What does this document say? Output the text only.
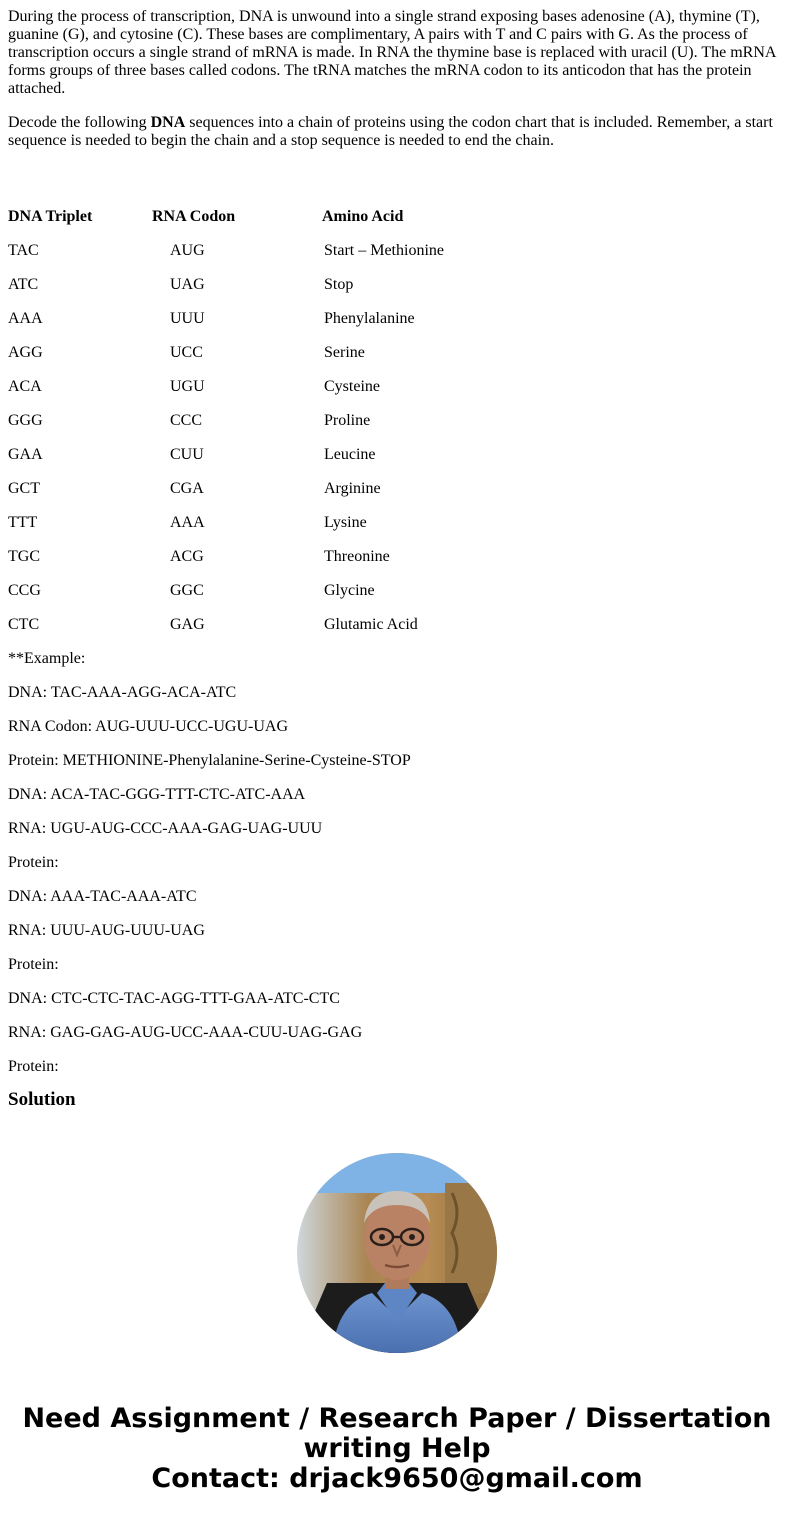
During the process of transcription, DNA is unwound into a single strand exposing bases adenosine (A), thymine (T), guanine (G), and cytosine (C). These bases are complimentary, A pairs with T and C pairs with G. As the process of transcription occurs a single strand of mRNA is made. In RNA the thymine base is replaced with uracil (U). The mRNA forms groups of three bases called codons. The tRNA matches the mRNA codon to its anticodon that has the protein attached.

Decode the following DNA sequences into a chain of proteins using the codon chart that is included. Remember, a start sequence is needed to begin the chain and a stop sequence is needed to end the chain.

DNA Triplet	RNA Codon	Amino Acid
TAC	AUG	Start – Methionine
ATC	UAG	Stop
AAA	UUU	Phenylalanine
AGG	UCC	Serine
ACA	UGU	Cysteine
GGG	CCC	Proline
GAA	CUU	Leucine
GCT	CGA	Arginine
TTT	AAA	Lysine
TGC	ACG	Threonine
CCG	GGC	Glycine
CTC	GAG	Glutamic Acid
**Example:
DNA: TAC-AAA-AGG-ACA-ATC
RNA Codon: AUG-UUU-UCC-UGU-UAG
Protein: METHIONINE-Phenylalanine-Serine-Cysteine-STOP
DNA: ACA-TAC-GGG-TTT-CTC-ATC-AAA
RNA: UGU-AUG-CCC-AAA-GAG-UAG-UUU
Protein:
DNA: AAA-TAC-AAA-ATC
RNA: UUU-AUG-UUU-UAG
Protein:
DNA: CTC-CTC-TAC-AGG-TTT-GAA-ATC-CTC
RNA: GAG-GAG-AUG-UCC-AAA-CUU-UAG-GAG
Protein:
Solution
Need Assignment / Research Paper / Dissertation
writing Help
Contact: drjack9650@gmail.com
